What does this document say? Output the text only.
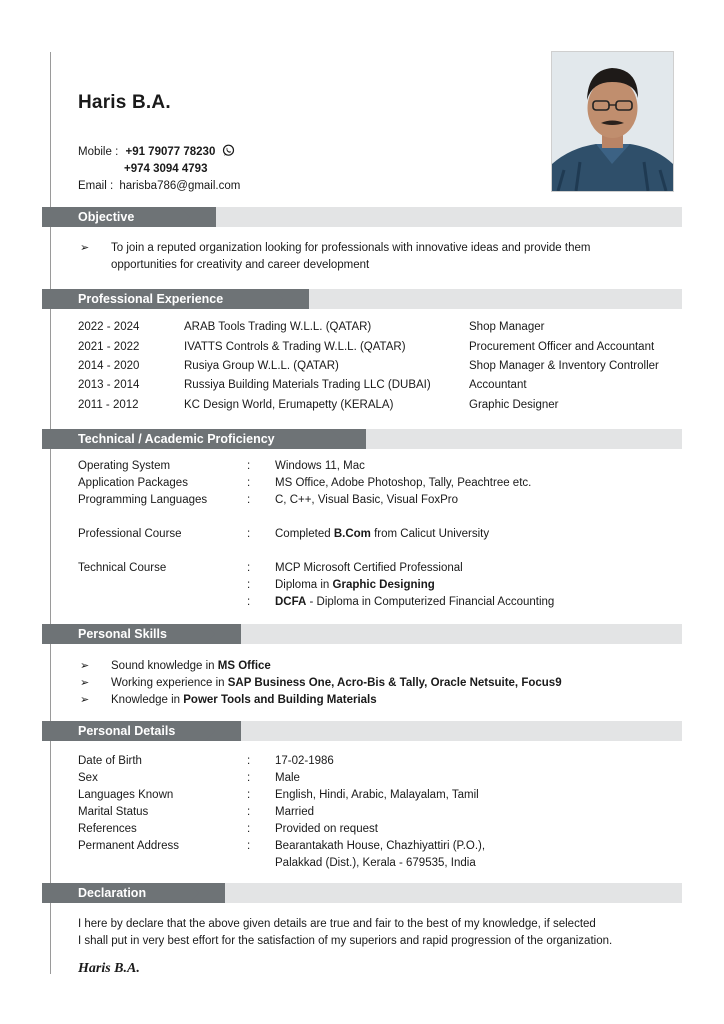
Haris B.A.
Mobile : +91 79077 78230
+974 3094 4793
Email : harisba786@gmail.com
Objective
➢ To join a reputed organization looking for professionals with innovative ideas and provide them
opportunities for creativity and career development
Professional Experience
2022 - 2024	ARAB Tools Trading W.L.L. (QATAR)	Shop Manager
2021 - 2022	IVATTS Controls & Trading W.L.L. (QATAR)	Procurement Officer and Accountant
2014 - 2020	Rusiya Group W.L.L. (QATAR)	Shop Manager & Inventory Controller
2013 - 2014	Russiya Building Materials Trading LLC (DUBAI)	Accountant
2011 - 2012	KC Design World, Erumapetty (KERALA)	Graphic Designer
Technical / Academic Proficiency
Operating System	: Windows 11, Mac
Application Packages	: MS Office, Adobe Photoshop, Tally, Peachtree etc.
Programming Languages	: C, C++, Visual Basic, Visual FoxPro
Professional Course	: Completed B.Com from Calicut University
Technical Course	: MCP Microsoft Certified Professional
: Diploma in Graphic Designing
: DCFA - Diploma in Computerized Financial Accounting
Personal Skills
➢ Sound knowledge in MS Office
➢ Working experience in SAP Business One, Acro-Bis & Tally, Oracle Netsuite, Focus9
➢ Knowledge in Power Tools and Building Materials
Personal Details
Date of Birth	: 17-02-1986
Sex	: Male
Languages Known	: English, Hindi, Arabic, Malayalam, Tamil
Marital Status	: Married
References	: Provided on request
Permanent Address	: Bearantakath House, Chazhiyattiri (P.O.),
Palakkad (Dist.), Kerala - 679535, India
Declaration
I here by declare that the above given details are true and fair to the best of my knowledge, if selected
I shall put in very best effort for the satisfaction of my superiors and rapid progression of the organization.
Haris B.A.
